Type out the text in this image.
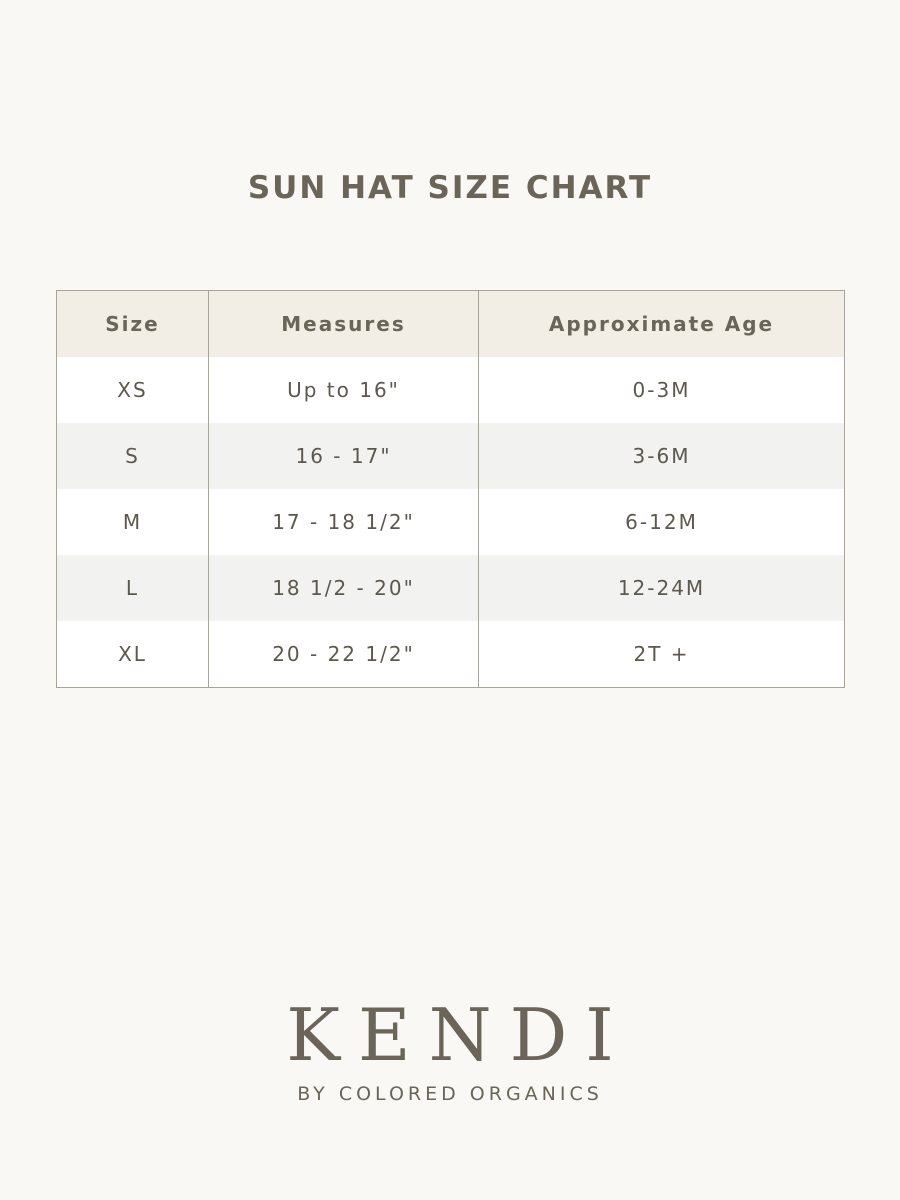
SUN HAT SIZE CHART
Size	Measures	Approximate Age
XS	Up to 16"	0-3M
S	16 - 17"	3-6M
M	17 - 18 1/2"	6-12M
L	18 1/2 - 20"	12-24M
XL	20 - 22 1/2"	2T +
KENDI
BY COLORED ORGANICS
